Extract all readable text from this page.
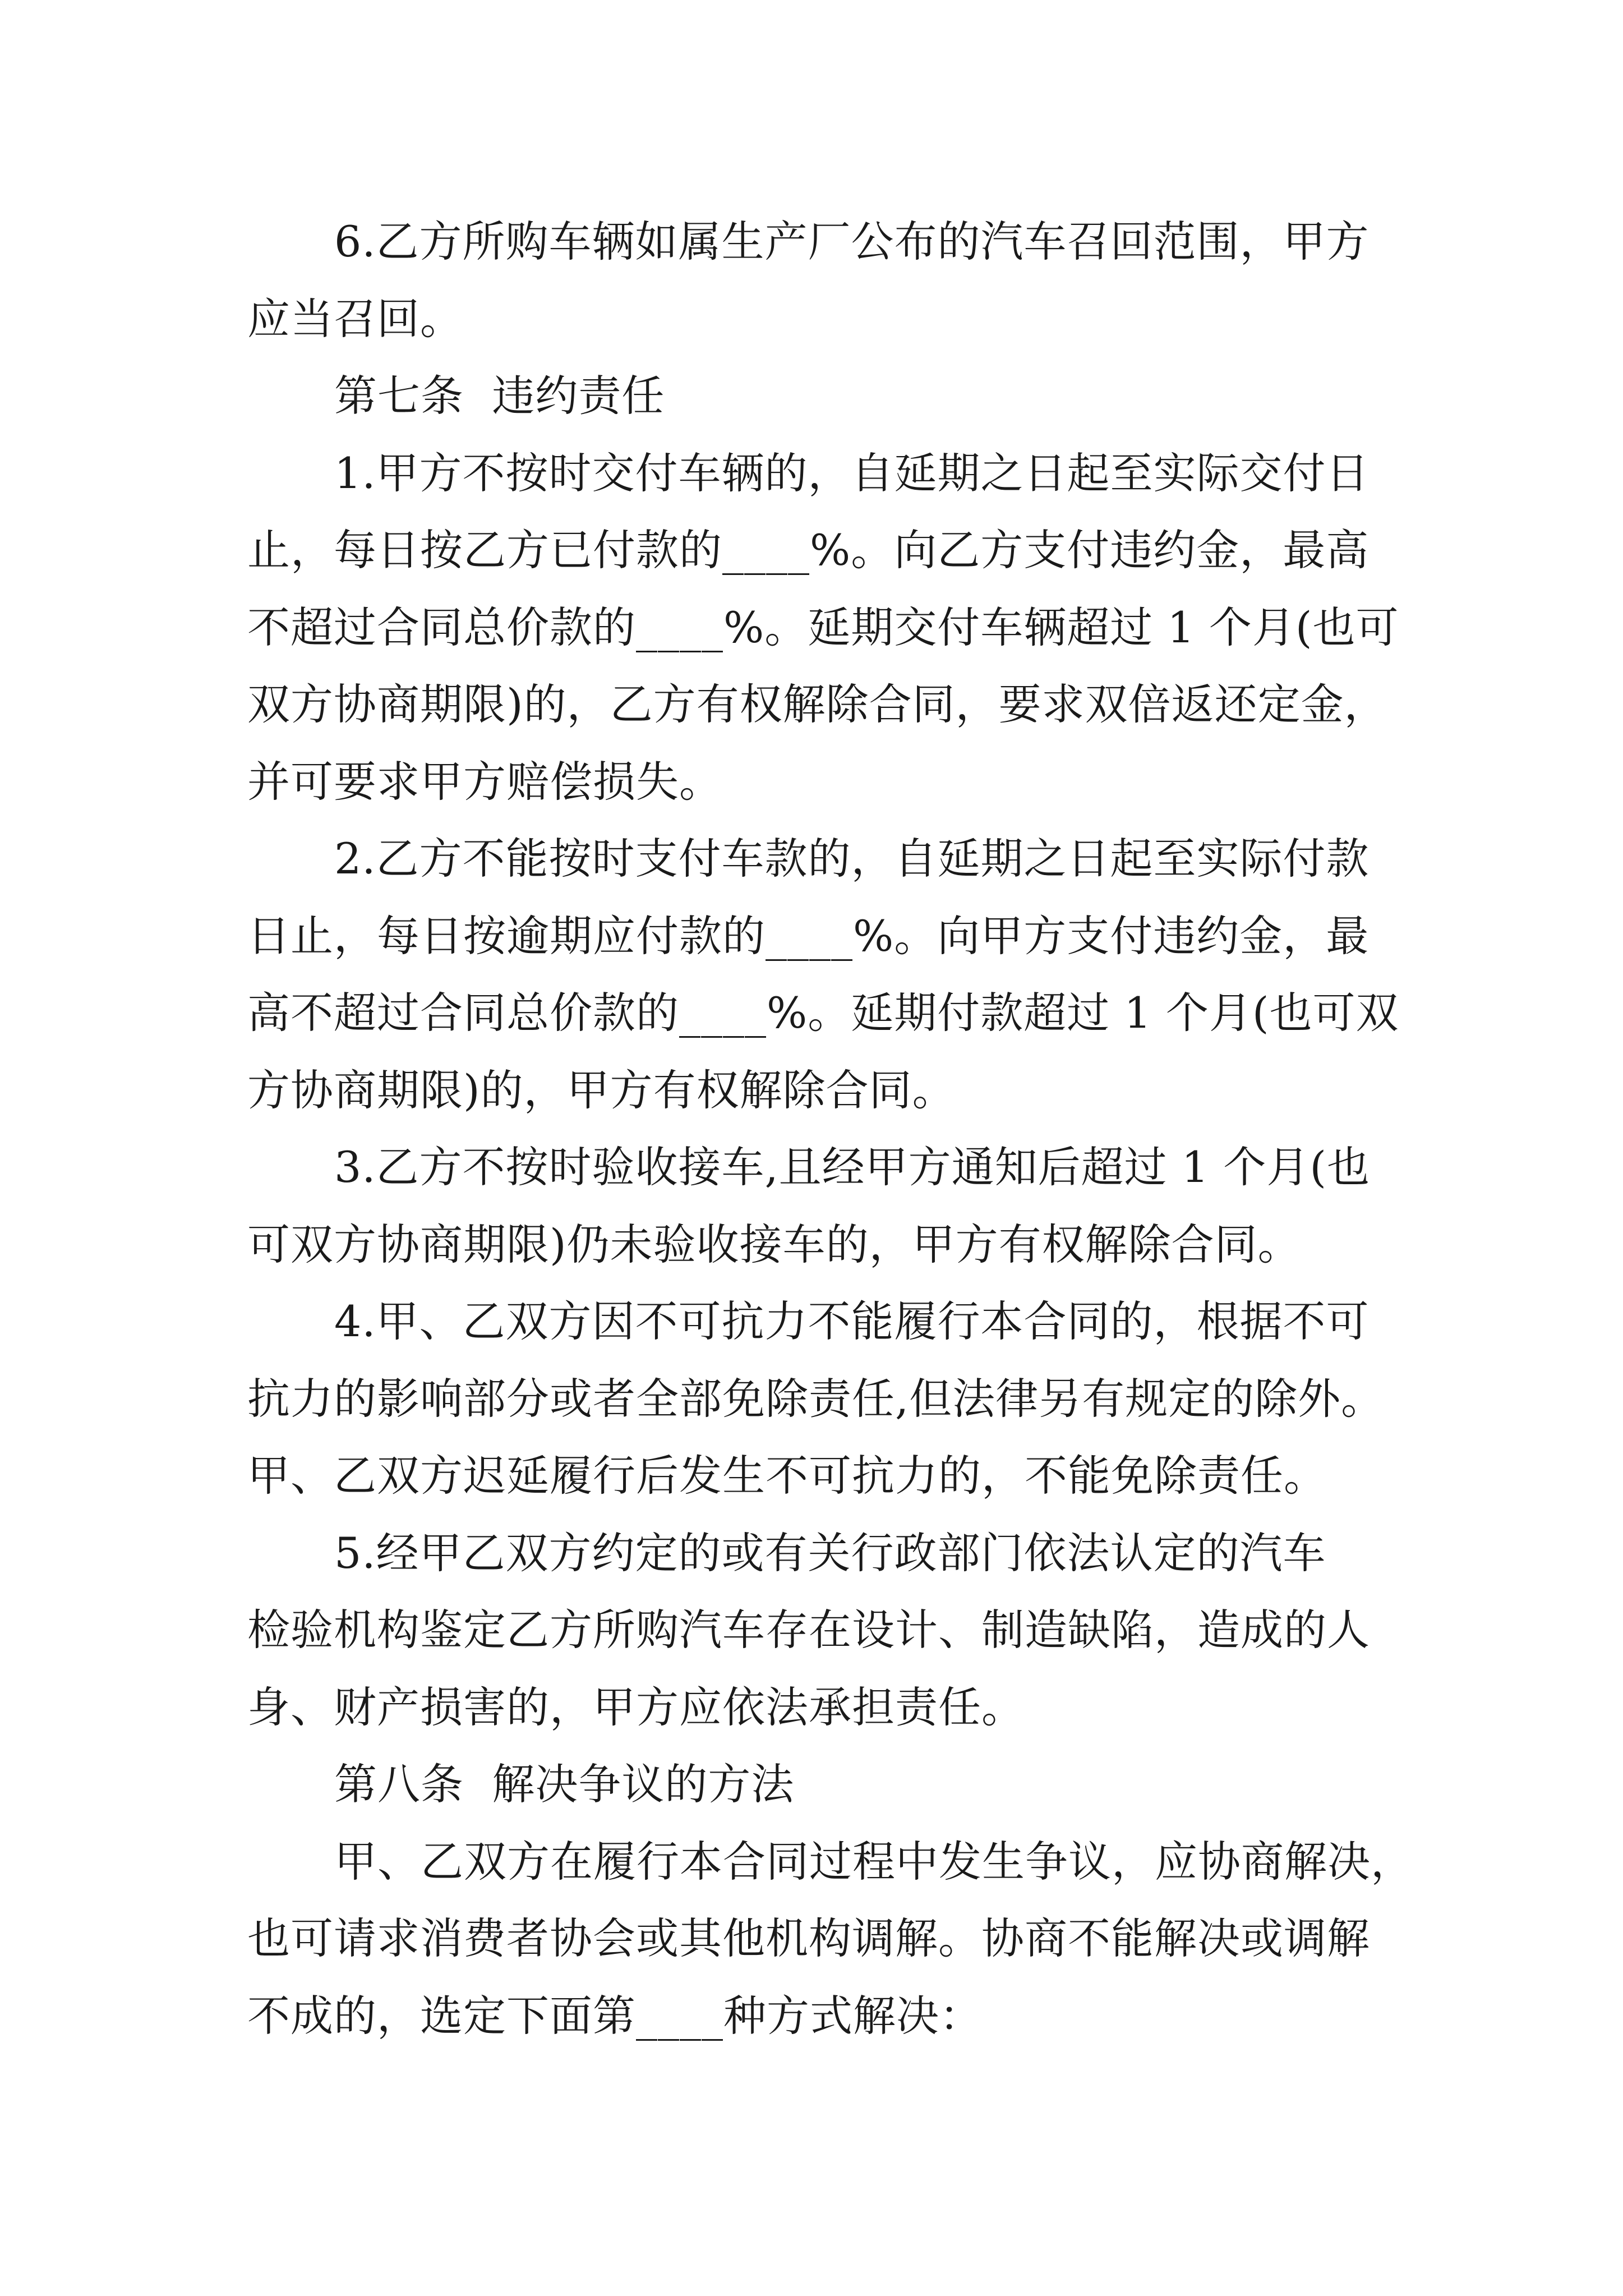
6.乙方所购车辆如属生产厂公布的汽车召回范围，甲方
应当召回。
第七条  违约责任
1.甲方不按时交付车辆的，自延期之日起至实际交付日
止，每日按乙方已付款的____%。向乙方支付违约金，最高
不超过合同总价款的____%。延期交付车辆超过 1 个月(也可
双方协商期限)的，乙方有权解除合同，要求双倍返还定金，
并可要求甲方赔偿损失。
2.乙方不能按时支付车款的，自延期之日起至实际付款
日止，每日按逾期应付款的____%。向甲方支付违约金，最
高不超过合同总价款的____%。延期付款超过 1 个月(也可双
方协商期限)的，甲方有权解除合同。
3.乙方不按时验收接车,且经甲方通知后超过 1 个月(也
可双方协商期限)仍未验收接车的，甲方有权解除合同。
4.甲、乙双方因不可抗力不能履行本合同的，根据不可
抗力的影响部分或者全部免除责任,但法律另有规定的除外。
甲、乙双方迟延履行后发生不可抗力的，不能免除责任。
5.经甲乙双方约定的或有关行政部门依法认定的汽车
检验机构鉴定乙方所购汽车存在设计、制造缺陷，造成的人
身、财产损害的，甲方应依法承担责任。
第八条  解决争议的方法
甲、乙双方在履行本合同过程中发生争议，应协商解决，
也可请求消费者协会或其他机构调解。协商不能解决或调解
不成的，选定下面第____种方式解决：
